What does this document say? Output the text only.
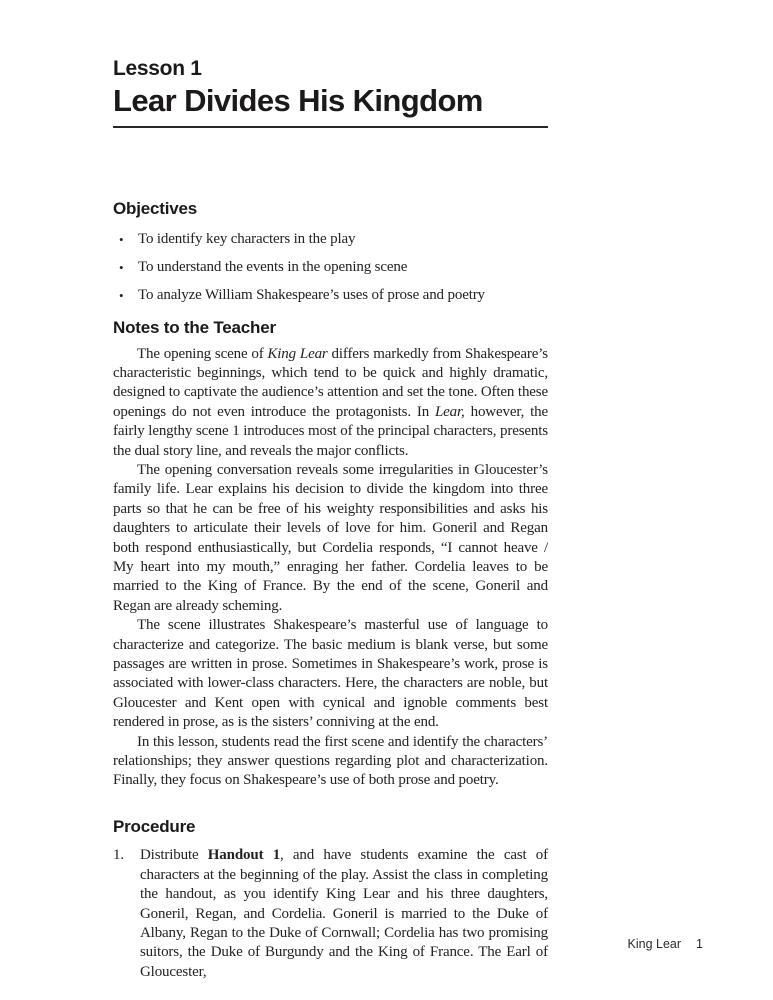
Lesson 1
Lear Divides His Kingdom
Objectives
• To identify key characters in the play
• To understand the events in the opening scene
• To analyze William Shakespeare’s uses of prose and poetry
Notes to the Teacher

The opening scene of King Lear differs markedly from Shakespeare’s characteristic beginnings, which tend to be quick and highly dramatic, designed to captivate the audience’s attention and set the tone. Often these openings do not even introduce the protagonists. In Lear, however, the fairly lengthy scene 1 introduces most of the principal characters, presents the dual story line, and reveals the major conflicts.

The opening conversation reveals some irregularities in Gloucester’s family life. Lear explains his decision to divide the kingdom into three parts so that he can be free of his weighty responsibilities and asks his daughters to articulate their levels of love for him. Goneril and Regan both respond enthusiastically, but Cordelia responds, “I cannot heave / My heart into my mouth,” enraging her father. Cordelia leaves to be married to the King of France. By the end of the scene, Goneril and Regan are already scheming.

The scene illustrates Shakespeare’s masterful use of language to characterize and categorize. The basic medium is blank verse, but some passages are written in prose. Sometimes in Shakespeare’s work, prose is associated with lower-class characters. Here, the characters are noble, but Gloucester and Kent open with cynical and ignoble comments best rendered in prose, as is the sisters’ conniving at the end.

In this lesson, students read the first scene and identify the characters’ relationships; they answer questions regarding plot and characterization. Finally, they focus on Shakespeare’s use of both prose and poetry.

Procedure
1.	Distribute Handout 1, and have students examine the cast of characters at the beginning of the play. Assist the class in completing the handout, as you identify King Lear and his three daughters, Goneril, Regan, and Cordelia. Goneril is married to the Duke of Albany, Regan to the Duke of Cornwall; Cordelia has two promising suitors, the Duke of Burgundy and the King of France. The Earl of Gloucester,
King Lear 1
